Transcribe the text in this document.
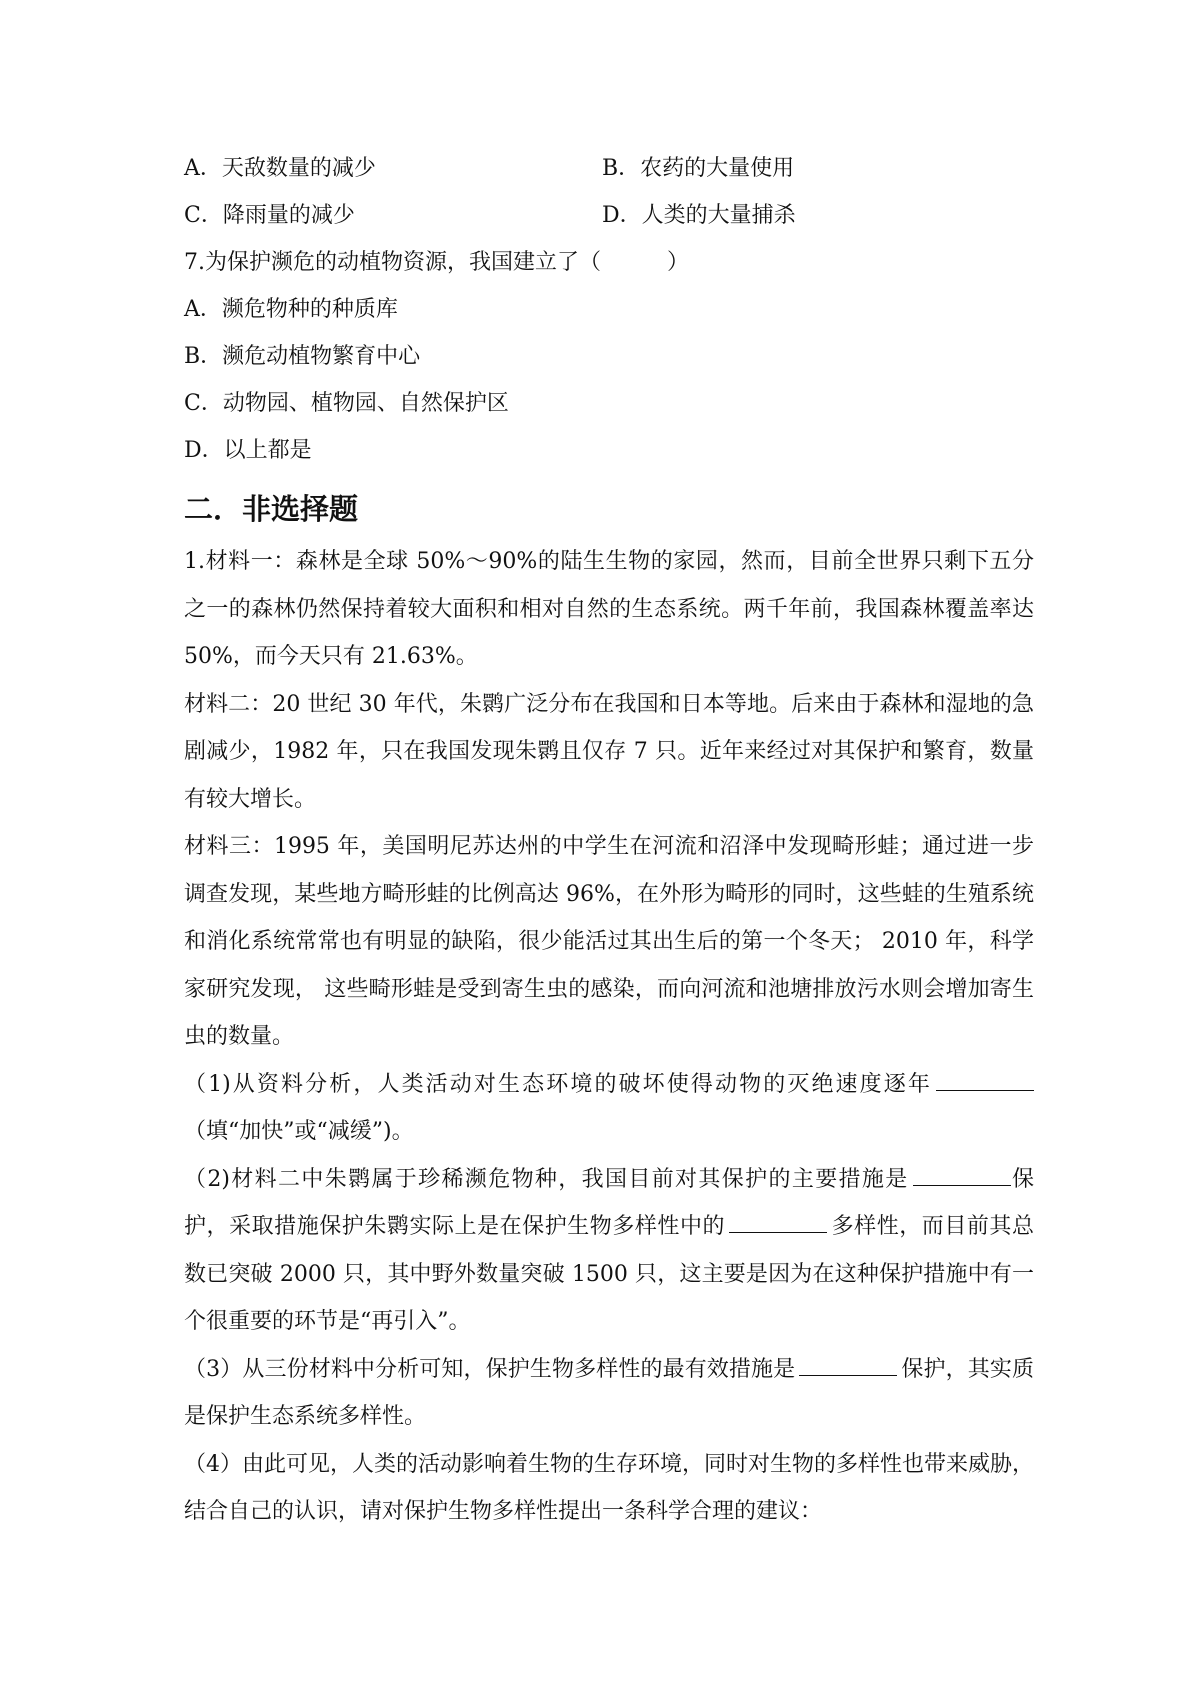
A．天敌数量的减少	B．农药的大量使用
C．降雨量的减少	D．人类的大量捕杀
7.为保护濒危的动植物资源，我国建立了（　　　）
A．濒危物种的种质库
B．濒危动植物繁育中心
C．动物园、植物园、自然保护区
D．以上都是
二．非选择题
1.材料一：森林是全球 50%～90%的陆生生物的家园，然而，目前全世界只剩下五分之一的森林仍然保持着较大面积和相对自然的生态系统。两千年前，我国森林覆盖率达 50%，而今天只有 21.63%。
材料二：20 世纪 30 年代，朱鹮广泛分布在我国和日本等地。后来由于森林和湿地的急剧减少，1982 年，只在我国发现朱鹮且仅存 7 只。近年来经过对其保护和繁育，数量有较大增长。
材料三：1995 年，美国明尼苏达州的中学生在河流和沼泽中发现畸形蛙；通过进一步调查发现，某些地方畸形蛙的比例高达 96%，在外形为畸形的同时，这些蛙的生殖系统和消化系统常常也有明显的缺陷，很少能活过其出生后的第一个冬天； 2010 年，科学家研究发现， 这些畸形蛙是受到寄生虫的感染，而向河流和池塘排放污水则会增加寄生虫的数量。
（1)从资料分析，人类活动对生态环境的破坏使得动物的灭绝速度逐年（填“加快”或“减缓”)。
（2)材料二中朱鹮属于珍稀濒危物种，我国目前对其保护的主要措施是	保护，采取措施保护朱鹮实际上是在保护生物多样性中的	多样性，而目前其总数已突破 2000 只，其中野外数量突破 1500 只，这主要是因为在这种保护措施中有一个很重要的环节是“再引入”。
（3）从三份材料中分析可知，保护生物多样性的最有效措施是	保护，其实质是保护生态系统多样性。
（4）由此可见，人类的活动影响着生物的生存环境，同时对生物的多样性也带来威胁，结合自己的认识，请对保护生物多样性提出一条科学合理的建议：
